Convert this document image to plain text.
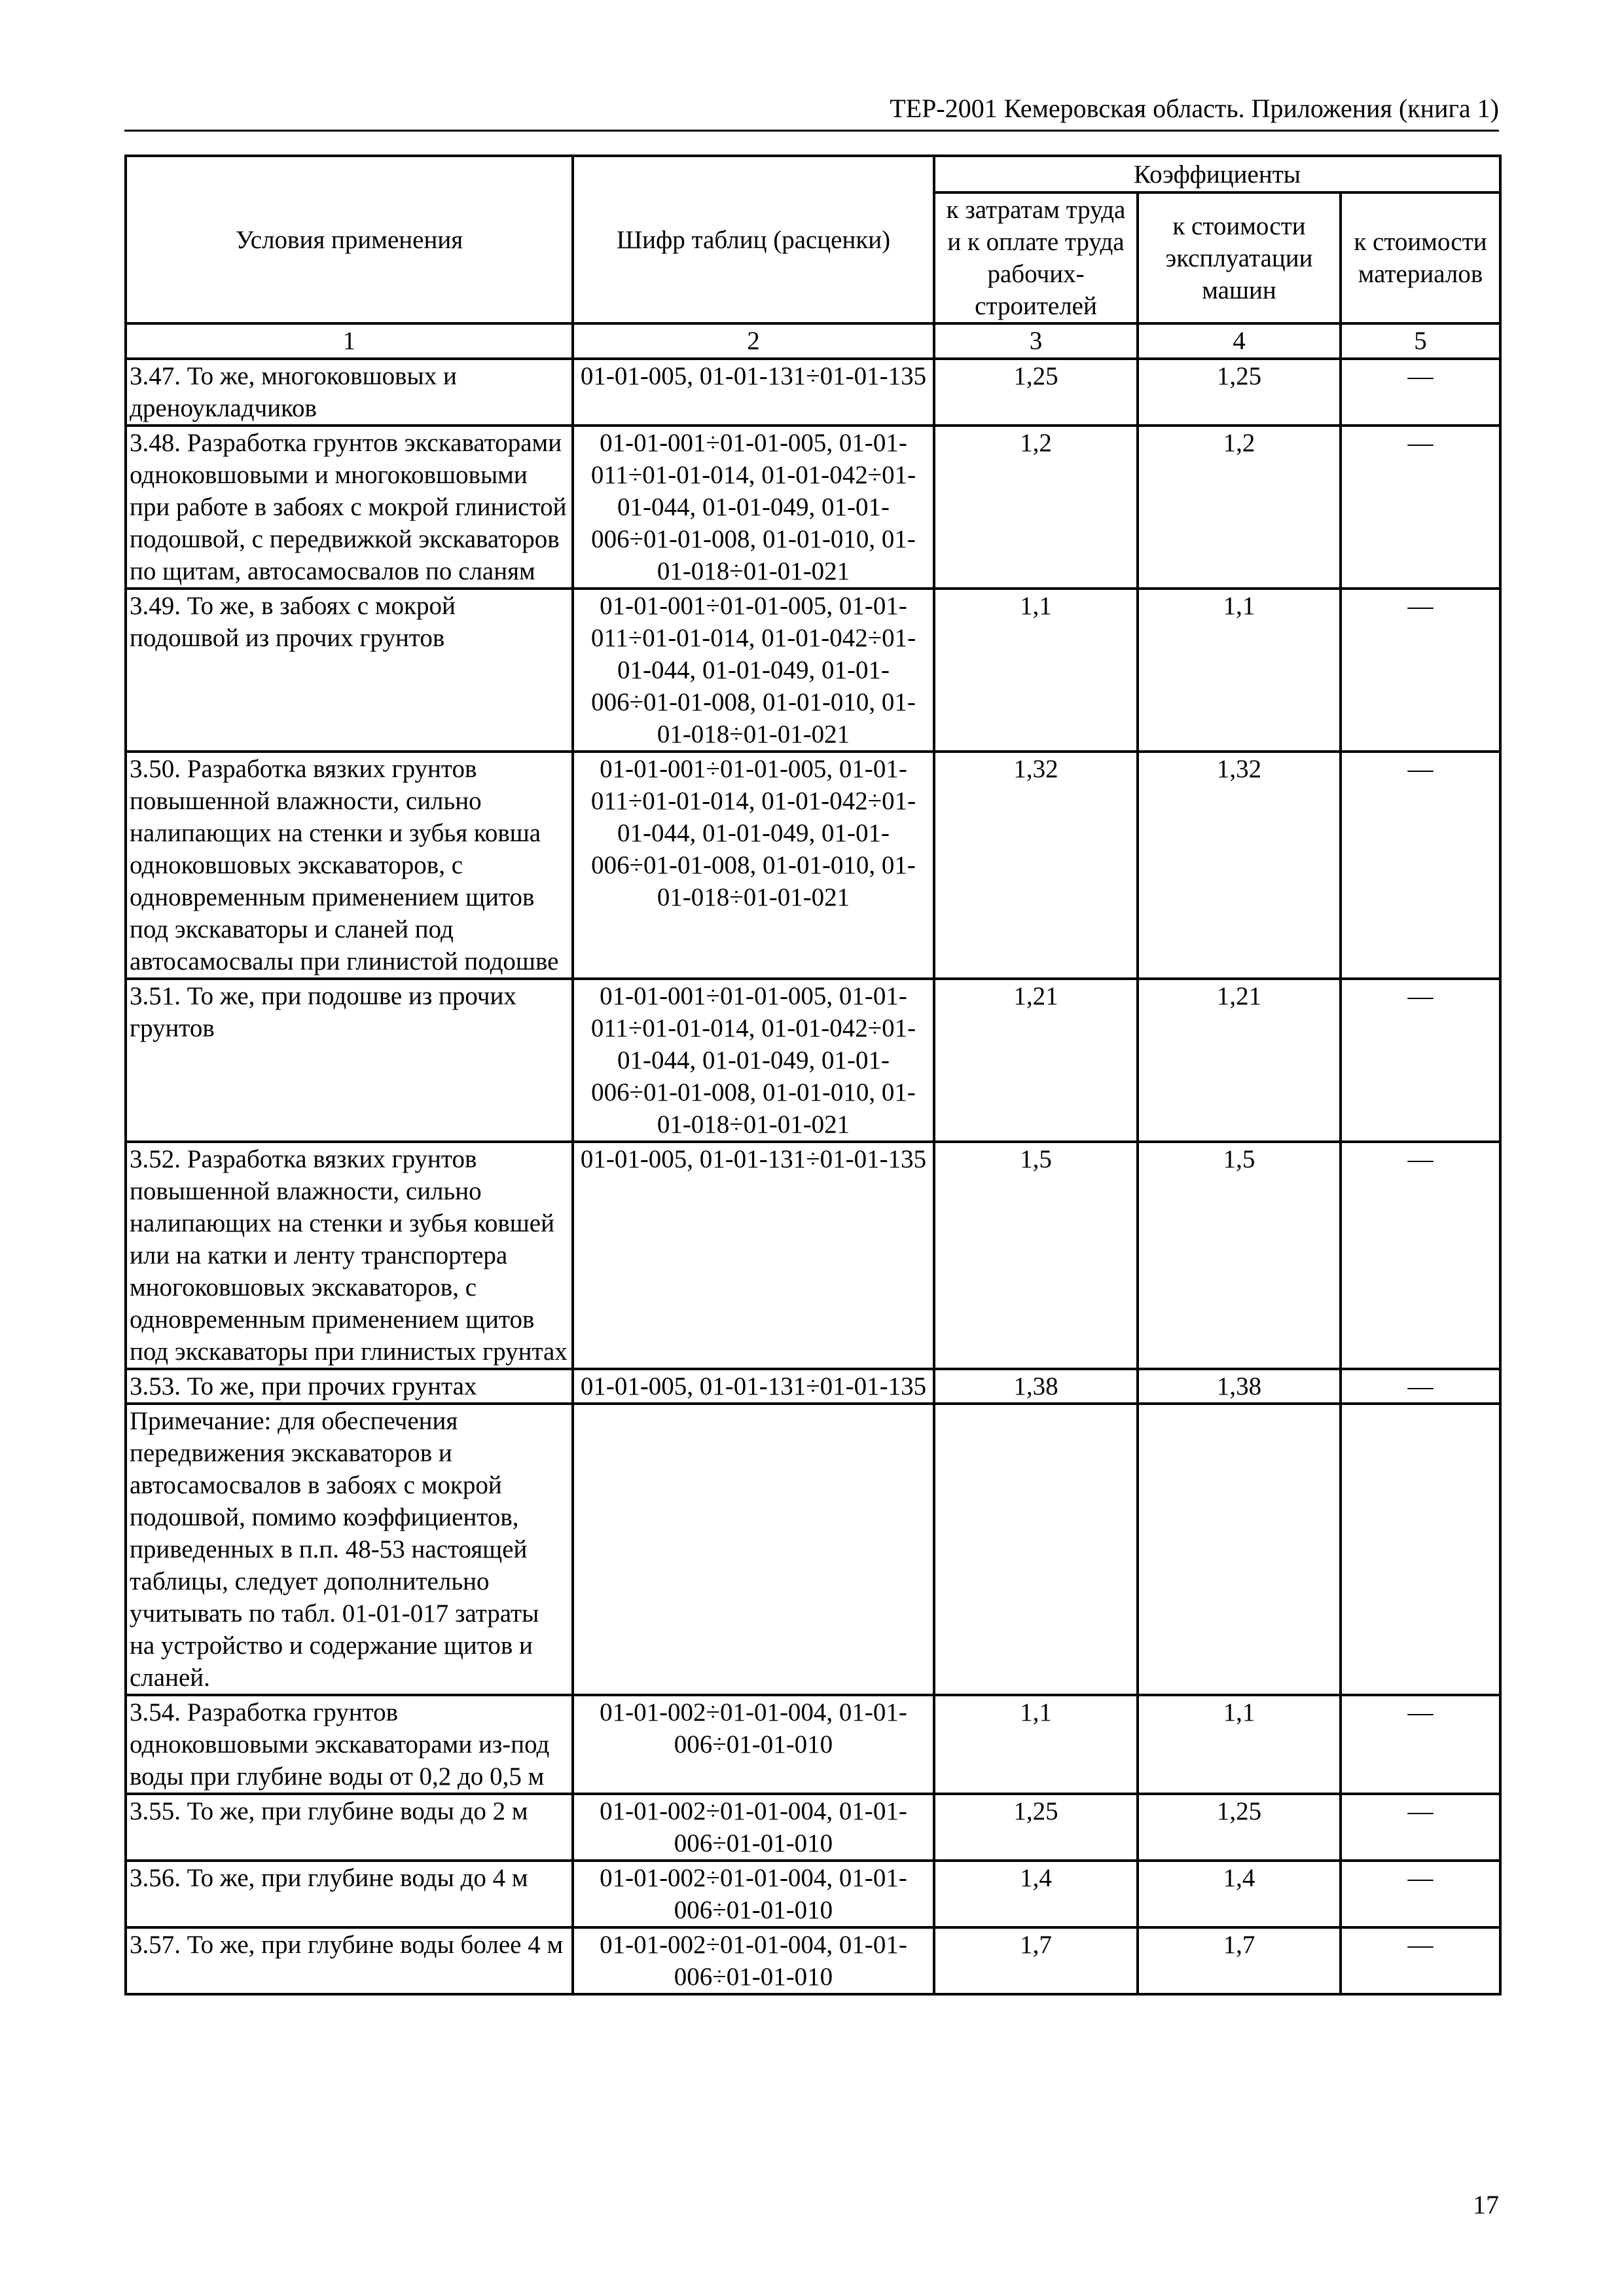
ТЕР-2001 Кемеровская область. Приложения (книга 1)
Условия применения	Шифр таблиц (расценки)	Коэффициенты		
		к затратам труда и к оплате труда рабочих-строителей	к стоимости эксплуатации машин	к стоимости материалов
1	2	3	4	5
3.47. То же, многоковшовых и дреноукладчиков	01-01-005, 01-01-131÷01-01-135	1,25	1,25	—
3.48. Разработка грунтов экскаваторами одноковшовыми и многоковшовыми при работе в забоях с мокрой глинистой подошвой, с передвижкой экскаваторов по щитам, автосамосвалов по сланям	01-01-001÷01-01-005, 01-01-011÷01-01-014, 01-01-042÷01-01-044, 01-01-049, 01-01-006÷01-01-008, 01-01-010, 01-01-018÷01-01-021	1,2	1,2	—
3.49. То же, в забоях с мокрой подошвой из прочих грунтов	01-01-001÷01-01-005, 01-01-011÷01-01-014, 01-01-042÷01-01-044, 01-01-049, 01-01-006÷01-01-008, 01-01-010, 01-01-018÷01-01-021	1,1	1,1	—
3.50. Разработка вязких грунтов повышенной влажности, сильно налипающих на стенки и зубья ковша одноковшовых экскаваторов, с одновременным применением щитов под экскаваторы и сланей под автосамосвалы при глинистой подошве	01-01-001÷01-01-005, 01-01-011÷01-01-014, 01-01-042÷01-01-044, 01-01-049, 01-01-006÷01-01-008, 01-01-010, 01-01-018÷01-01-021	1,32	1,32	—
3.51. То же, при подошве из прочих грунтов	01-01-001÷01-01-005, 01-01-011÷01-01-014, 01-01-042÷01-01-044, 01-01-049, 01-01-006÷01-01-008, 01-01-010, 01-01-018÷01-01-021	1,21	1,21	—
3.52. Разработка вязких грунтов повышенной влажности, сильно налипающих на стенки и зубья ковшей или на катки и ленту транспортера многоковшовых экскаваторов, с одновременным применением щитов под экскаваторы при глинистых грунтах	01-01-005, 01-01-131÷01-01-135	1,5	1,5	—
3.53. То же, при прочих грунтах	01-01-005, 01-01-131÷01-01-135	1,38	1,38	—
Примечание: для обеспечения передвижения экскаваторов и автосамосвалов в забоях с мокрой подошвой, помимо коэффициентов, приведенных в п.п. 48-53 настоящей таблицы, следует дополнительно учитывать по табл. 01-01-017 затраты на устройство и содержание щитов и сланей.				
3.54. Разработка грунтов одноковшовыми экскаваторами из-под воды при глубине воды от 0,2 до 0,5 м	01-01-002÷01-01-004, 01-01-006÷01-01-010	1,1	1,1	—
3.55. То же, при глубине воды до 2 м	01-01-002÷01-01-004, 01-01-006÷01-01-010	1,25	1,25	—
3.56. То же, при глубине воды до 4 м	01-01-002÷01-01-004, 01-01-006÷01-01-010	1,4	1,4	—
3.57. То же, при глубине воды более 4 м	01-01-002÷01-01-004, 01-01-006÷01-01-010	1,7	1,7	—
17
